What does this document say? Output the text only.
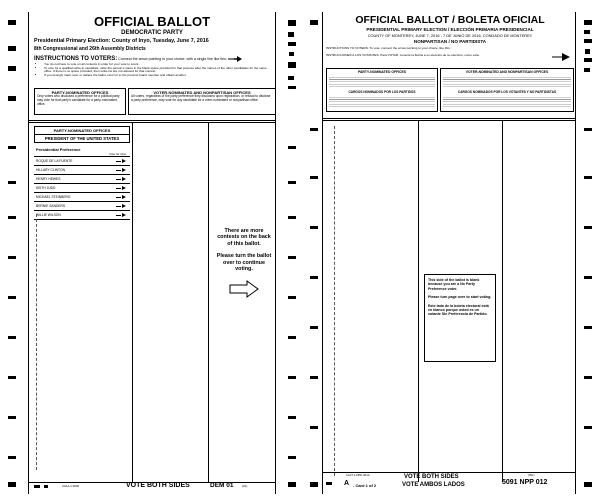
OFFICIAL BALLOT
DEMOCRATIC PARTY
Presidential Primary Election: County of Inyo, Tuesday, June 7, 2016
8th Congressional and 26th Assembly Districts
INSTRUCTIONS TO VOTERS: Connect the arrow pointing to your choice, with a single line like this:
• You do not have to vote on all contests in order for your vote to count.
• To vote for a qualified write-in candidate, write the person's name in the blank space provided for that purpose after the names of the other candidates for the same office. If there is no space provided, then write-ins are not allowed for that contest.
• If you wrongly mark, tear, or deface the ballot, return it to the precinct board member and obtain another.
PARTY-NOMINATED OFFICES
Only voters who disclosed a preference for a political party may vote for that party's candidate for a party-nominated office.
VOTER-NOMINATED AND NONPARTISAN OFFICES
All voters, regardless of the party preference they disclosed upon registration, or refusal to disclose a party preference, may vote for any candidate for a voter-nominated or nonpartisan office.
PARTY-NOMINATED OFFICES
PRESIDENT OF THE UNITED STATES
Presidential Preference
Vote for One
ROQUE DE LA FUENTE
HILLARY CLINTON
HENRY HEWES
KEITH JUDD
MICHAEL STEINBERG
BERNIE SANDERS
WILLIE WILSON
There are more contests on the back of this ballot.
Please turn the ballot over to continue voting.
CA1A-1-0009	VOTE BOTH SIDES	DEM 01	(01)
OFFICIAL BALLOT / BOLETA OFICIAL
PRESIDENTIAL PRIMARY ELECTION / ELECCIÓN PRIMARIA PRESIDENCIAL
COUNTY OF MONTEREY, JUNE 7, 2016 - 7 DE JUNIO DE 2016, CONDADO DE MONTEREY
NONPARTISAN / NO PARTIDISTA
INSTRUCTIONS TO VOTERS: To vote, connect the arrow pointing to your choice, like this:
INSTRUCCIONES A LOS VOTANTES: Para VOTAR, conecte la flecha a su elección de su elección, como esta:
PARTY-NOMINATED OFFICES
CARGOS NOMINADOS POR LOS PARTIDOS
VOTER-NOMINATED AND NONPARTISAN OFFICES
CARGOS NOMINADOS POR LOS VOTANTES Y NO PARTIDISTAS
This side of the ballot is blank because you are a No Party Preference voter.
Please turn page over to start voting.
Este lado de la boleta electoral está en blanco porque usted es un votante Sin Preferencia de Partido.
CA27-1-NPP-001A
A - Card 1 of 2
VOTE BOTH SIDES
VOTE AMBOS LADOS
(001)
5091 NPP 012
